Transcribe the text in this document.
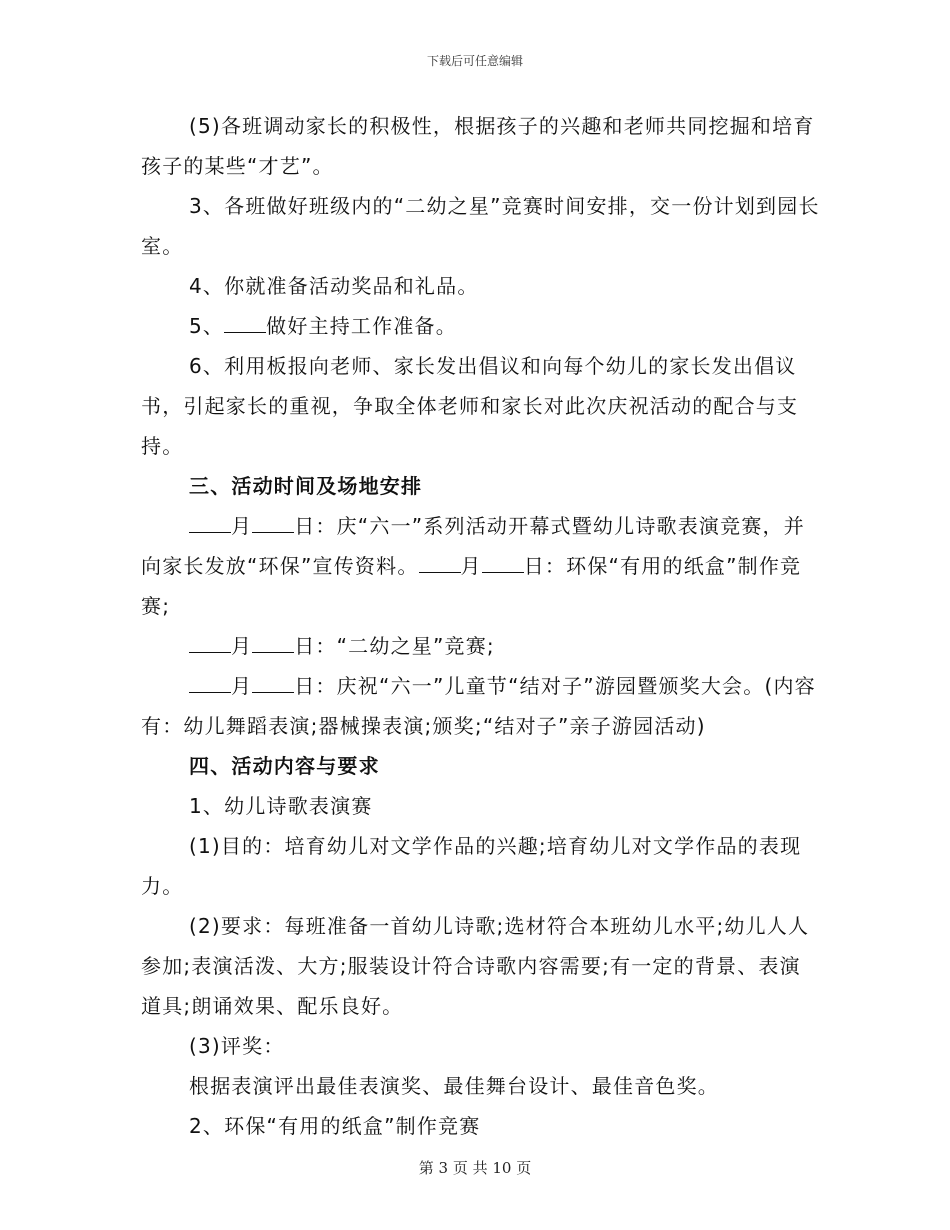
下载后可任意编辑

(5)各班调动家长的积极性，根据孩子的兴趣和老师共同挖掘和培育孩子的某些“才艺”。

3、各班做好班级内的“二幼之星”竞赛时间安排，交一份计划到园长室。

4、你就准备活动奖品和礼品。

5、 做好主持工作准备。

6、利用板报向老师、家长发出倡议和向每个幼儿的家长发出倡议书，引起家长的重视，争取全体老师和家长对此次庆祝活动的配合与支持。

三、活动时间及场地安排

月 日：庆“六一”系列活动开幕式暨幼儿诗歌表演竞赛，并向家长发放“环保”宣传资料。 月 日：环保“有用的纸盒”制作竞赛;

月 日：“二幼之星”竞赛;

月 日：庆祝“六一”儿童节“结对子”游园暨颁奖大会。(内容有：幼儿舞蹈表演;器械操表演;颁奖;“结对子”亲子游园活动)

四、活动内容与要求

1、幼儿诗歌表演赛

(1)目的：培育幼儿对文学作品的兴趣;培育幼儿对文学作品的表现力。

(2)要求：每班准备一首幼儿诗歌;选材符合本班幼儿水平;幼儿人人参加;表演活泼、大方;服装设计符合诗歌内容需要;有一定的背景、表演道具;朗诵效果、配乐良好。

(3)评奖：

根据表演评出最佳表演奖、最佳舞台设计、最佳音色奖。

2、环保“有用的纸盒”制作竞赛

第 3 页 共 10 页
